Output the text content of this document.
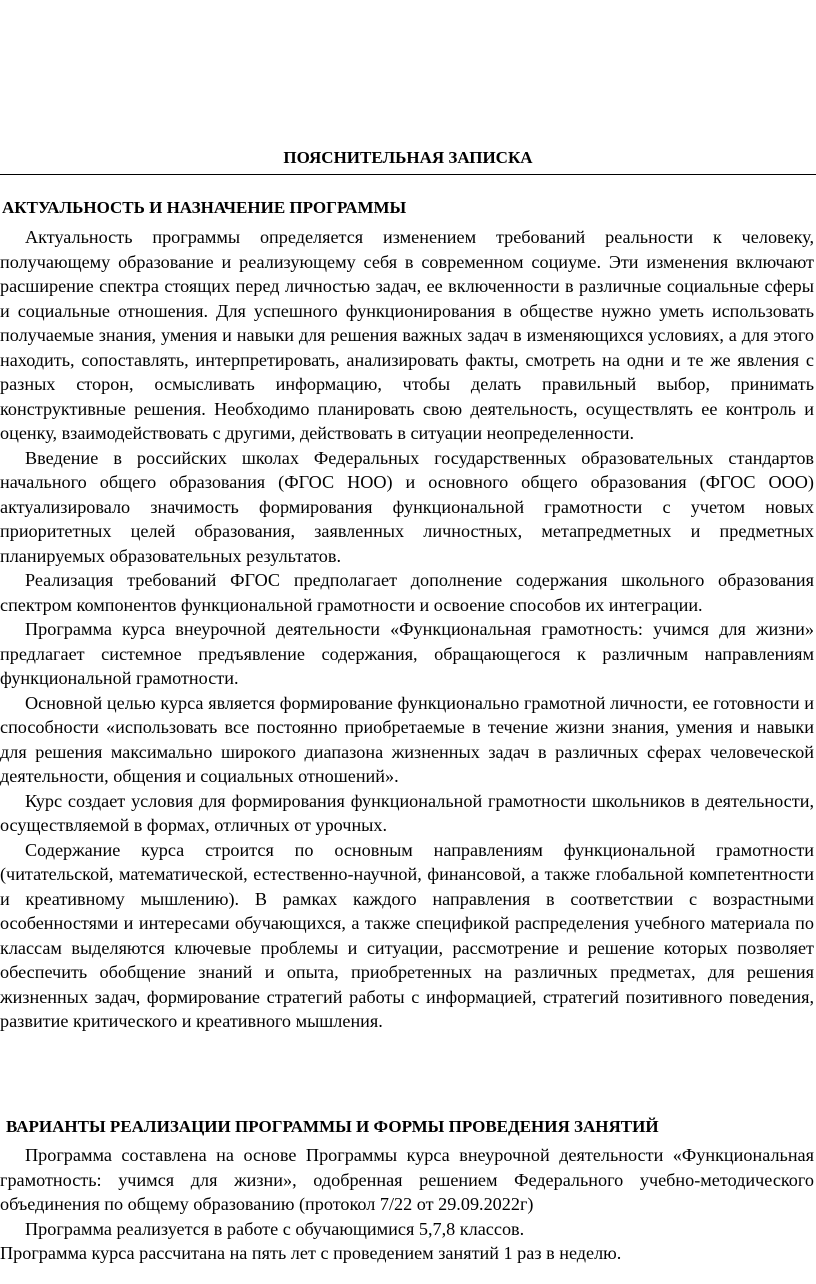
ПОЯСНИТЕЛЬНАЯ ЗАПИСКА
АКТУАЛЬНОСТЬ И НАЗНАЧЕНИЕ ПРОГРАММЫ

Актуальность программы определяется изменением требований реальности к человеку, получающему образование и реализующему себя в современном социуме. Эти изменения включают расширение спектра стоящих перед личностью задач, ее включенности в различные социальные сферы и социальные отношения. Для успешного функционирования в обществе нужно уметь использовать получаемые знания, умения и навыки для решения важных задач в изменяющихся условиях, а для этого находить, сопоставлять, интерпретировать, анализировать факты, смотреть на одни и те же явления с разных сторон, осмысливать информацию, чтобы делать правильный выбор, принимать конструктивные решения. Необходимо планировать свою деятельность, осуществлять ее контроль и оценку, взаимодействовать с другими, действовать в ситуации неопределенности.

Введение в российских школах Федеральных государственных образовательных стандартов начального общего образования (ФГОС НОО) и основного общего образования (ФГОС ООО) актуализировало значимость формирования функциональной грамотности с учетом новых приоритетных целей образования, заявленных личностных, метапредметных и предметных планируемых образовательных результатов.

Реализация требований ФГОС предполагает дополнение содержания школьного образования спектром компонентов функциональной грамотности и освоение способов их интеграции.

Программа курса внеурочной деятельности «Функциональная грамотность: учимся для жизни» предлагает системное предъявление содержания, обращающегося к различным направлениям функциональной грамотности.

Основной целью курса является формирование функционально грамотной личности, ее готовности и способности «использовать все постоянно приобретаемые в течение жизни знания, умения и навыки для решения максимально широкого диапазона жизненных задач в различных сферах человеческой деятельности, общения и социальных отношений».

Курс создает условия для формирования функциональной грамотности школьников в деятельности, осуществляемой в формах, отличных от урочных.

Содержание курса строится по основным направлениям функциональной грамотности (читательской, математической, естественно-научной, финансовой, а также глобальной компетентности и креативному мышлению). В рамках каждого направления в соответствии с возрастными особенностями и интересами обучающихся, а также спецификой распределения учебного материала по классам выделяются ключевые проблемы и ситуации, рассмотрение и решение которых позволяет обеспечить обобщение знаний и опыта, приобретенных на различных предметах, для решения жизненных задач, формирование стратегий работы с информацией, стратегий позитивного поведения, развитие критического и креативного мышления.

ВАРИАНТЫ РЕАЛИЗАЦИИ ПРОГРАММЫ И ФОРМЫ ПРОВЕДЕНИЯ ЗАНЯТИЙ

Программа составлена на основе Программы курса внеурочной деятельности «Функциональная грамотность: учимся для жизни», одобренная решением Федерального учебно-методического объединения по общему образованию (протокол 7/22 от 29.09.2022г)

Программа реализуется в работе с обучающимися 5,7,8 классов.

Программа курса рассчитана на пять лет с проведением занятий 1 раз в неделю.
